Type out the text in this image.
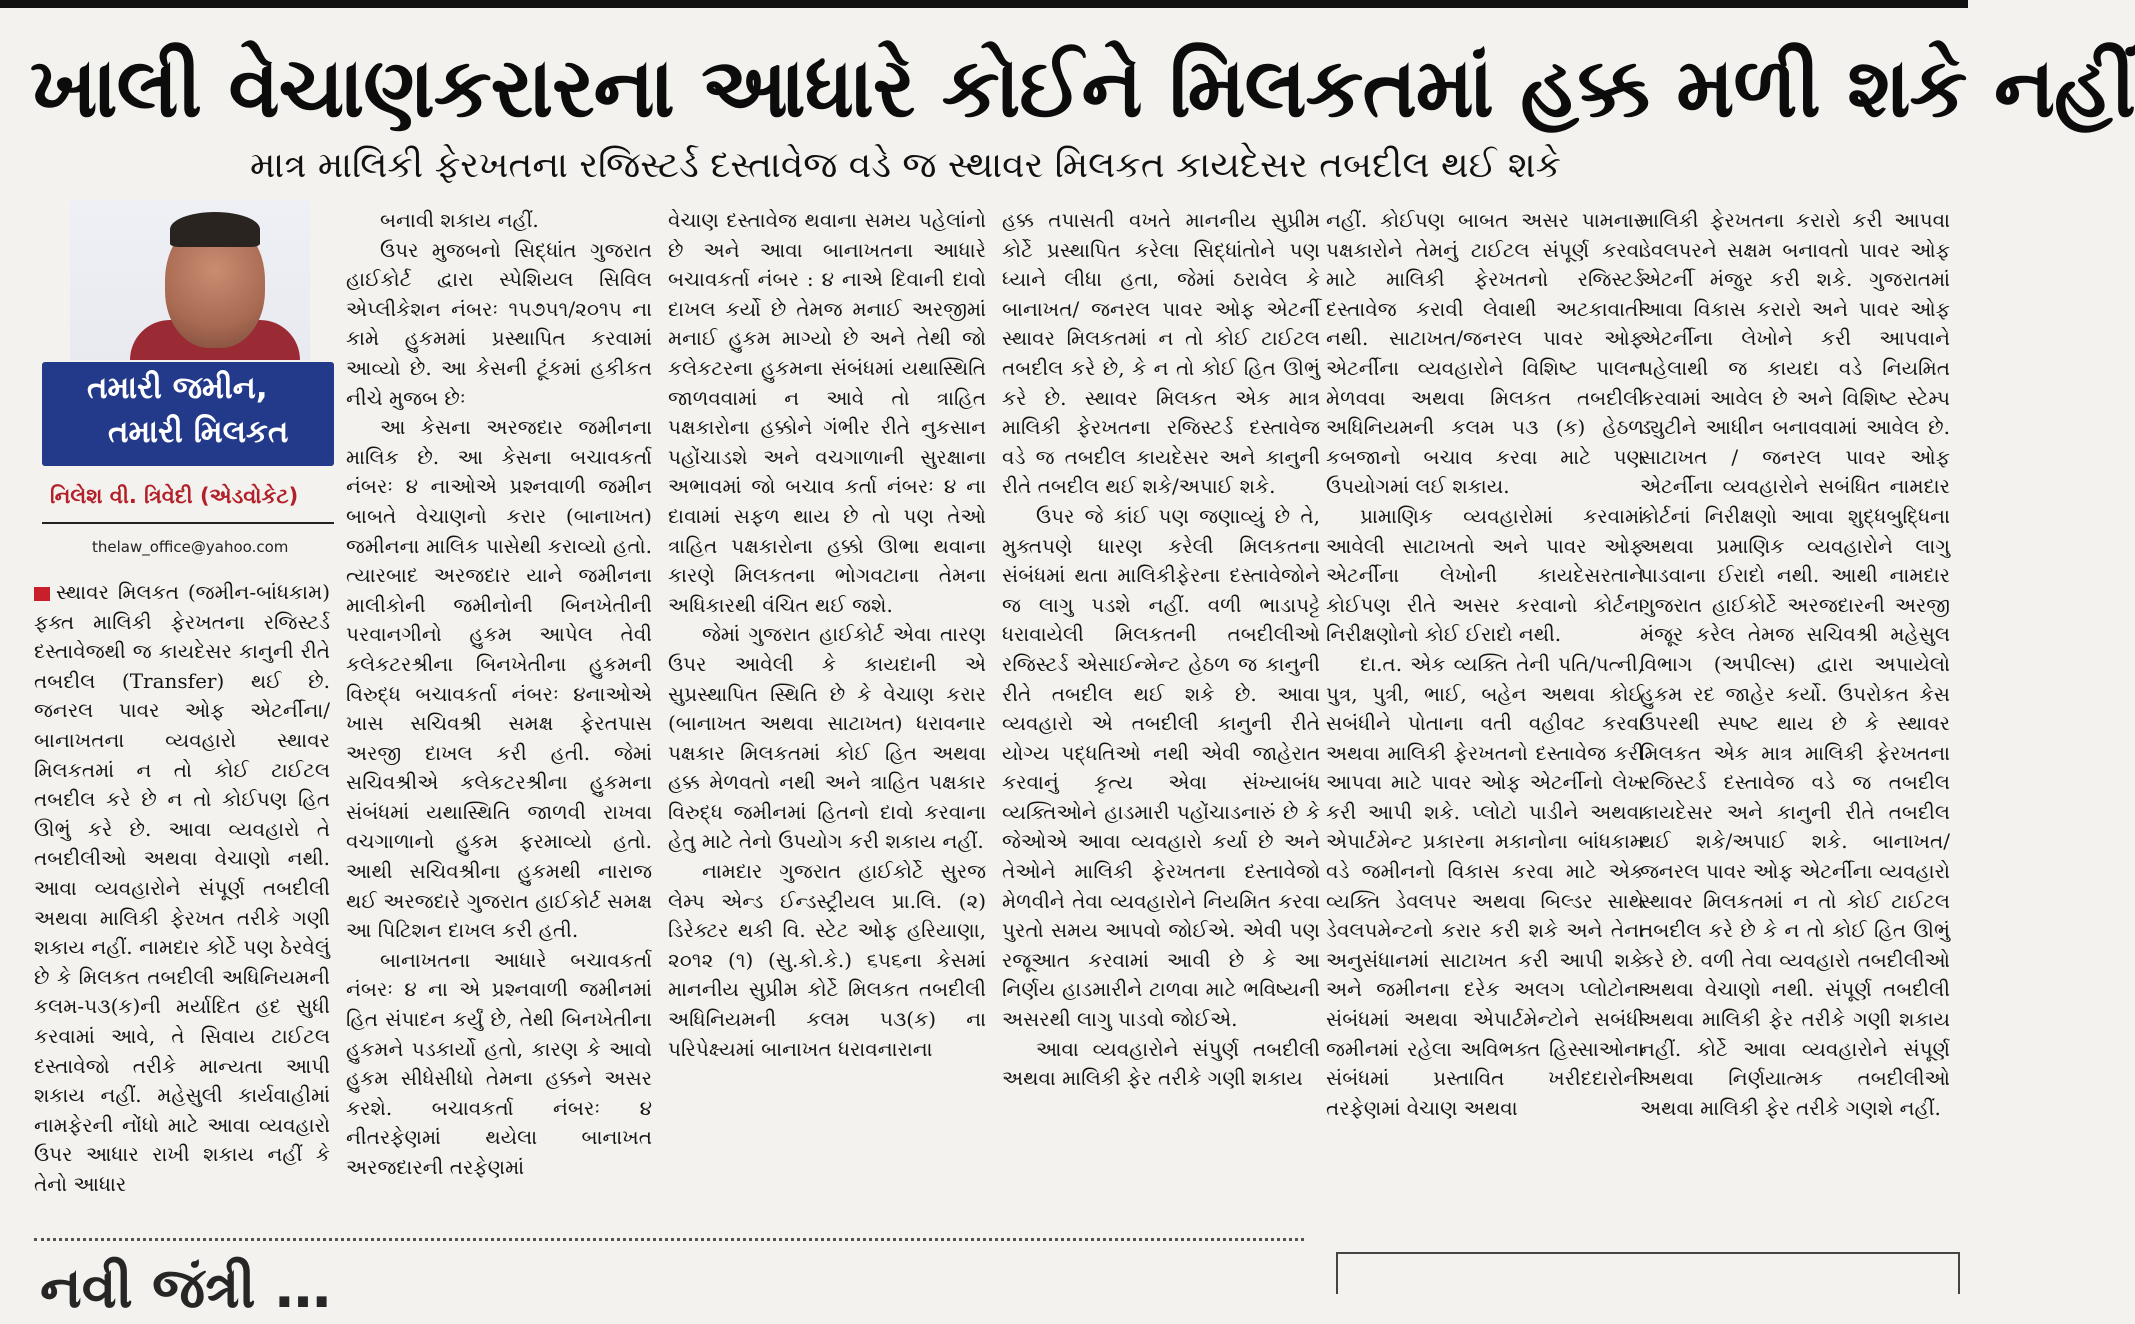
ખાલી વેચાણકરારના આધારે કોઈને મિલકતમાં હક્ક મળી શકે નહીં
માત્ર માલિકી ફેરખતના રજિસ્ટર્ડ દસ્તાવેજ વડે જ સ્થાવર મિલકત કાયદેસર તબદીલ થઈ શકે
તમારી જમીન,
તમારી મિલકત
નિલેશ વી. ત્રિવેદી (એડવોકેટ)
thelaw_office@yahoo.com

સ્થાવર મિલકત (જમીન-બાંધકામ) ફક્ત માલિકી ફેરખતના રજિસ્ટર્ડ દસ્તાવેજથી જ કાયદેસર કાનુની રીતે તબદીલ (Transfer) થઈ છે. જનરલ પાવર ઓફ એટર્નીના/બાનાખતના વ્યવહારો સ્થાવર મિલકતમાં ન તો કોઈ ટાઈટલ તબદીલ કરે છે ન તો કોઈપણ હિત ઊભું કરે છે. આવા વ્યવહારો તે તબદીલીઓ અથવા વેચાણો નથી. આવા વ્યવહારોને સંપૂર્ણ તબદીલી અથવા માલિકી ફેરખત તરીકે ગણી શકાય નહીં. નામદાર કોર્ટે પણ ઠેરવેલું છે કે મિલકત તબદીલી અધિનિયમની કલમ-૫૩(ક)ની મર્યાદિત હદ સુધી કરવામાં આવે, તે સિવાય ટાઈટલ દસ્તાવેજો તરીકે માન્યતા આપી શકાય નહીં. મહેસુલી કાર્યવાહીમાં નામફેરની નોંધો માટે આવા વ્યવહારો ઉપર આધાર રાખી શકાય નહીં કે તેનો આધાર

બનાવી શકાય નહીં.

ઉપર મુજબનો સિદ્ધાંત ગુજરાત હાઈકોર્ટ દ્વારા સ્પેશિયલ સિવિલ એપ્લીકેશન નંબરઃ ૧૫૭૫૧/૨૦૧૫ ના કામે હુકમમાં પ્રસ્થાપિત કરવામાં આવ્યો છે. આ કેસની ટૂંકમાં હકીકત નીચે મુજબ છેઃ

આ કેસના અરજદાર જમીનના માલિક છે. આ કેસના બચાવકર્તા નંબરઃ ૪ નાઓએ પ્રશ્નવાળી જમીન બાબતે વેચાણનો કરાર (બાનાખત) જમીનના માલિક પાસેથી કરાવ્યો હતો. ત્યારબાદ અરજદાર યાને જમીનના માલીકોની જમીનોની બિનખેતીની પરવાનગીનો હુકમ આપેલ તેવી કલેકટરશ્રીના બિનખેતીના હુકમની વિરુદ્ધ બચાવકર્તા નંબરઃ ૪નાઓએ ખાસ સચિવશ્રી સમક્ષ ફેરતપાસ અરજી દાખલ કરી હતી. જેમાં સચિવશ્રીએ કલેકટરશ્રીના હુકમના સંબંધમાં યથાસ્થિતિ જાળવી રાખવા વચગાળાનો હુકમ ફરમાવ્યો હતો. આથી સચિવશ્રીના હુકમથી નારાજ થઈ અરજદારે ગુજરાત હાઈકોર્ટ સમક્ષ આ પિટિશન દાખલ કરી હતી.

બાનાખતના આધારે બચાવકર્તા નંબરઃ ૪ ના એ પ્રશ્નવાળી જમીનમાં હિત સંપાદન કર્યું છે, તેથી બિનખેતીના હુકમને પડકાર્યો હતો, કારણ કે આવો હુકમ સીધેસીધો તેમના હક્કને અસર કરશે. બચાવકર્તા નંબરઃ ૪ નીતરફેણમાં થયેલા બાનાખત અરજદારની તરફેણમાં

વેચાણ દસ્તાવેજ થવાના સમય પહેલાંનો છે અને આવા બાનાખતના આધારે બચાવકર્તા નંબર : ૪ નાએ દિવાની દાવો દાખલ કર્યો છે તેમજ મનાઈ અરજીમાં મનાઈ હુકમ માગ્યો છે અને તેથી જો કલેકટરના હુકમના સંબંધમાં યથાસ્થિતિ જાળવવામાં ન આવે તો ત્રાહિત પક્ષકારોના હક્કોને ગંભીર રીતે નુકસાન પહોંચાડશે અને વચગાળાની સુરક્ષાના અભાવમાં જો બચાવ કર્તા નંબરઃ ૪ ના દાવામાં સફળ થાય છે તો પણ તેઓ ત્રાહિત પક્ષકારોના હક્કો ઊભા થવાના કારણે મિલકતના ભોગવટાના તેમના અધિકારથી વંચિત થઈ જશે.

જેમાં ગુજરાત હાઈકોર્ટ એવા તારણ ઉપર આવેલી કે કાયદાની એ સુપ્રસ્થાપિત સ્થિતિ છે કે વેચાણ કરાર (બાનાખત અથવા સાટાખત) ધરાવનાર પક્ષકાર મિલકતમાં કોઈ હિત અથવા હક્ક મેળવતો નથી અને ત્રાહિત પક્ષકાર વિરુદ્ધ જમીનમાં હિતનો દાવો કરવાના હેતુ માટે તેનો ઉપયોગ કરી શકાય નહીં.

નામદાર ગુજરાત હાઈકોર્ટે સુરજ લેમ્પ એન્ડ ઈન્ડસ્ટ્રીયલ પ્રા.લિ. (૨) ડિરેક્ટર થકી વિ. સ્ટેટ ઓફ હરિયાણા, ૨૦૧૨ (૧) (સુ.કો.કે.) ૬૫૬ના કેસમાં માનનીય સુપ્રીમ કોર્ટે મિલકત તબદીલી અધિનિયમની કલમ ૫૩(ક) ના પરિપેક્ષ્યમાં બાનાખત ધરાવનારાના

હક્ક તપાસતી વખતે માનનીય સુપ્રીમ કોર્ટે પ્રસ્થાપિત કરેલા સિદ્ધાંતોને પણ ધ્યાને લીધા હતા, જેમાં ઠરાવેલ કે બાનાખત/ જનરલ પાવર ઓફ એટર્ની સ્થાવર મિલકતમાં ન તો કોઈ ટાઈટલ તબદીલ કરે છે, કે ન તો કોઈ હિત ઊભું કરે છે. સ્થાવર મિલકત એક માત્ર માલિકી ફેરખતના રજિસ્ટર્ડ દસ્તાવેજ વડે જ તબદીલ કાયદેસર અને કાનુની રીતે તબદીલ થઈ શકે/અપાઈ શકે.

ઉપર જે કાંઈ પણ જણાવ્યું છે તે, મુક્તપણે ધારણ કરેલી મિલકતના સંબંધમાં થતા માલિકીફેરના દસ્તાવેજોને જ લાગુ પડશે નહીં. વળી ભાડાપટ્ટે ધરાવાયેલી મિલકતની તબદીલીઓ રજિસ્ટર્ડ એસાઈન્મેન્ટ હેઠળ જ કાનુની રીતે તબદીલ થઈ શકે છે. આવા વ્યવહારો એ તબદીલી કાનુની રીતે યોગ્ય પદ્ધતિઓ નથી એવી જાહેરાત કરવાનું કૃત્ય એવા સંખ્યાબંધ વ્યક્તિઓને હાડમારી પહોંચાડનારું છે કે જેઓએ આવા વ્યવહારો કર્યા છે અને તેઓને માલિકી ફેરખતના દસ્તાવેજો મેળવીને તેવા વ્યવહારોને નિયમિત કરવા પુરતો સમય આપવો જોઈએ. એવી પણ રજૂઆત કરવામાં આવી છે કે આ નિર્ણય હાડમારીને ટાળવા માટે ભવિષ્યની અસરથી લાગુ પાડવો જોઈએ.

આવા વ્યવહારોને સંપુર્ણ તબદીલી અથવા માલિકી ફેર તરીકે ગણી શકાય

નહીં. કોઈપણ બાબત અસર પામનાર પક્ષકારોને તેમનું ટાઈટલ સંપૂર્ણ કરવા માટે માલિકી ફેરખતનો રજિસ્ટર્ડ દસ્તાવેજ કરાવી લેવાથી અટકાવાતી નથી. સાટાખત/જનરલ પાવર ઓફ એટર્નીના વ્યવહારોને વિશિષ્ટ પાલન મેળવવા અથવા મિલકત તબદીલી અધિનિયમની કલમ ૫૩ (ક) હેઠળ કબજાનો બચાવ કરવા માટે પણ ઉપયોગમાં લઈ શકાય.

પ્રામાણિક વ્યવહારોમાં કરવામાં આવેલી સાટાખતો અને પાવર ઓફ એટર્નીના લેખોની કાયદેસરતાને કોઈપણ રીતે અસર કરવાનો કોર્ટના નિરીક્ષણોનો કોઈ ઈરાદો નથી.

દા.ત. એક વ્યક્તિ તેની પતિ/પત્ની, પુત્ર, પુત્રી, ભાઈ, બહેન અથવા કોઈ સબંધીને પોતાના વતી વહીવટ કરવા અથવા માલિકી ફેરખતનો દસ્તાવેજ કરી આપવા માટે પાવર ઓફ એટર્નીનો લેખ કરી આપી શકે. પ્લોટો પાડીને અથવા એપાર્ટમેન્ટ પ્રકારના મકાનોના બાંધકામ વડે જમીનનો વિકાસ કરવા માટે એક વ્યક્તિ ડેવલપર અથવા બિલ્ડર સાથે ડેવલપમેન્ટનો કરાર કરી શકે અને તેના અનુસંધાનમાં સાટાખત કરી આપી શકે અને જમીનના દરેક અલગ પ્લોટોના સંબંધમાં અથવા એપાર્ટમેન્ટોને સબંધી જમીનમાં રહેલા અવિભક્ત હિસ્સાઓના સંબંધમાં પ્રસ્તાવિત ખરીદદારોની તરફેણમાં વેચાણ અથવા

માલિકી ફેરખતના કરારો કરી આપવા ડેવલપરને સક્ષમ બનાવતો પાવર ઓફ એટર્ની મંજુર કરી શકે. ગુજરાતમાં આવા વિકાસ કરારો અને પાવર ઓફ એટર્નીના લેખોને કરી આપવાને પહેલાથી જ કાયદા વડે નિયમિત કરવામાં આવેલ છે અને વિશિષ્ટ સ્ટેમ્પ ડ્યુટીને આધીન બનાવવામાં આવેલ છે. સાટાખત / જનરલ પાવર ઓફ એટર્નીના વ્યવહારોને સબંધિત નામદાર કોર્ટનાં નિરીક્ષણો આવા શુદ્ધબુદ્ધિના અથવા પ્રમાણિક વ્યવહારોને લાગુ પાડવાના ઈરાદો નથી. આથી નામદાર ગુજરાત હાઈકોર્ટે અરજદારની અરજી મંજૂર કરેલ તેમજ સચિવશ્રી મહેસુલ વિભાગ (અપીલ્સ) દ્વારા અપાયેલો હુકમ રદ જાહેર કર્યો. ઉપરોકત કેસ ઉપરથી સ્પષ્ટ થાય છે કે સ્થાવર મિલકત એક માત્ર માલિકી ફેરખતના રજિસ્ટર્ડ દસ્તાવેજ વડે જ તબદીલ કાયદેસર અને કાનુની રીતે તબદીલ થઈ શકે/અપાઈ શકે. બાનાખત/જનરલ પાવર ઓફ એટર્નીના વ્યવહારો સ્થાવર મિલકતમાં ન તો કોઈ ટાઈટલ તબદીલ કરે છે કે ન તો કોઈ હિત ઊભું કરે છે. વળી તેવા વ્યવહારો તબદીલીઓ અથવા વેચાણો નથી. સંપૂર્ણ તબદીલી અથવા માલિકી ફેર તરીકે ગણી શકાય નહીં. કોર્ટે આવા વ્યવહારોને સંપૂર્ણ અથવા નિર્ણયાત્મક તબદીલીઓ અથવા માલિકી ફેર તરીકે ગણશે નહીં.

નવી જંત્રી …
